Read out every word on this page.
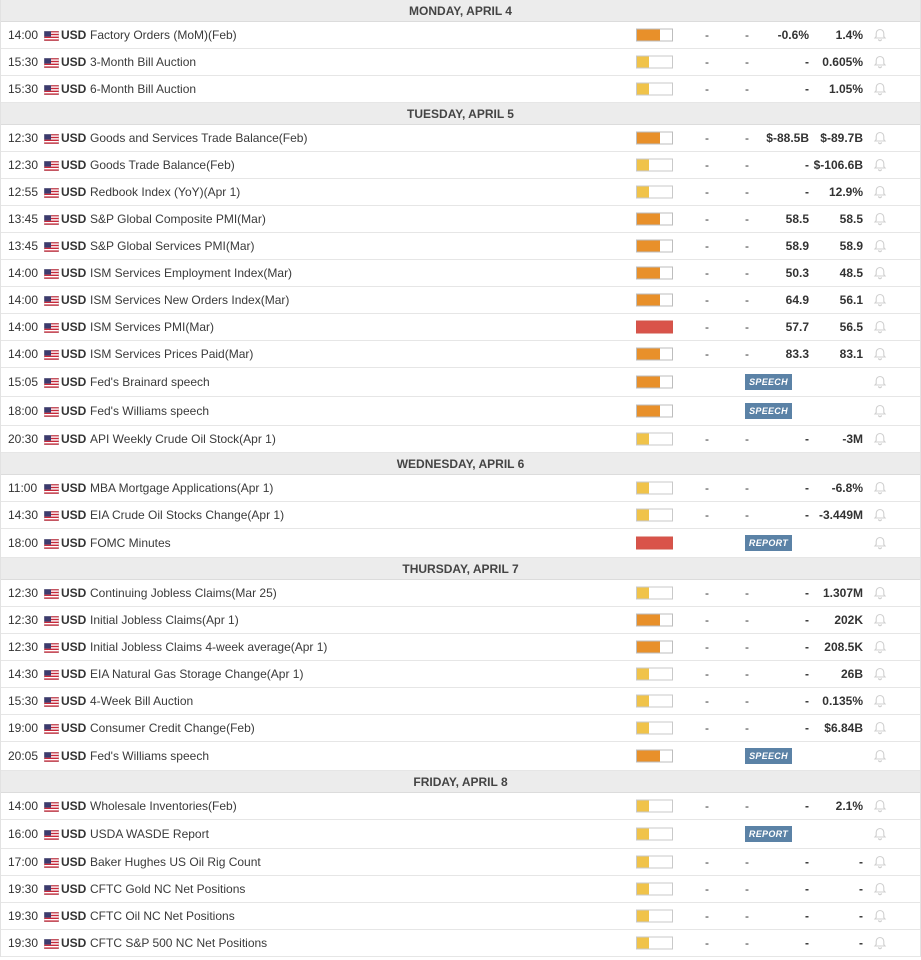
MONDAY, APRIL 4
14:00	USD Factory Orders (MoM)(Feb)	-	-	-0.6%	1.4%
15:30	USD 3-Month Bill Auction	-	-	-	0.605%
15:30	USD 6-Month Bill Auction	-	-	-	1.05%
TUESDAY, APRIL 5
12:30	USD Goods and Services Trade Balance(Feb)	-	-	$-88.5B $-89.7B
12:30	USD Goods Trade Balance(Feb)	-	-	- $-106.6B
12:55	USD Redbook Index (YoY)(Apr 1)	-	-	-	12.9%
13:45	USD S&P Global Composite PMI(Mar)	-	-	58.5	58.5
13:45	USD S&P Global Services PMI(Mar)	-	-	58.9	58.9
14:00	USD ISM Services Employment Index(Mar)	-	-	50.3	48.5
14:00	USD ISM Services New Orders Index(Mar)	-	-	64.9	56.1
14:00	USD ISM Services PMI(Mar)	-	-	57.7	56.5
14:00	USD ISM Services Prices Paid(Mar)	-	-	83.3	83.1
15:05	USD Fed's Brainard speech	SPEECH
18:00	USD Fed's Williams speech	SPEECH
20:30	USD API Weekly Crude Oil Stock(Apr 1)	-	-	-	-3M
WEDNESDAY, APRIL 6
11:00	USD MBA Mortgage Applications(Apr 1)	-	-	-	-6.8%
14:30	USD EIA Crude Oil Stocks Change(Apr 1)	-	-	- -3.449M
18:00	USD FOMC Minutes	REPORT
THURSDAY, APRIL 7
12:30	USD Continuing Jobless Claims(Mar 25)	-	-	-	1.307M
12:30	USD Initial Jobless Claims(Apr 1)	-	-	-	202K
12:30	USD Initial Jobless Claims 4-week average(Apr 1)	-	-	-	208.5K
14:30	USD EIA Natural Gas Storage Change(Apr 1)	-	-	-	26B
15:30	USD 4-Week Bill Auction	-	-	-	0.135%
19:00	USD Consumer Credit Change(Feb)	-	-	-	$6.84B
20:05	USD Fed's Williams speech	SPEECH
FRIDAY, APRIL 8
14:00	USD Wholesale Inventories(Feb)	-	-	-	2.1%
16:00	USD USDA WASDE Report	REPORT
17:00	USD Baker Hughes US Oil Rig Count	-	-	-	-
19:30	USD CFTC Gold NC Net Positions	-	-	-	-
19:30	USD CFTC Oil NC Net Positions	-	-	-	-
19:30	USD CFTC S&P 500 NC Net Positions	-	-	-	-
